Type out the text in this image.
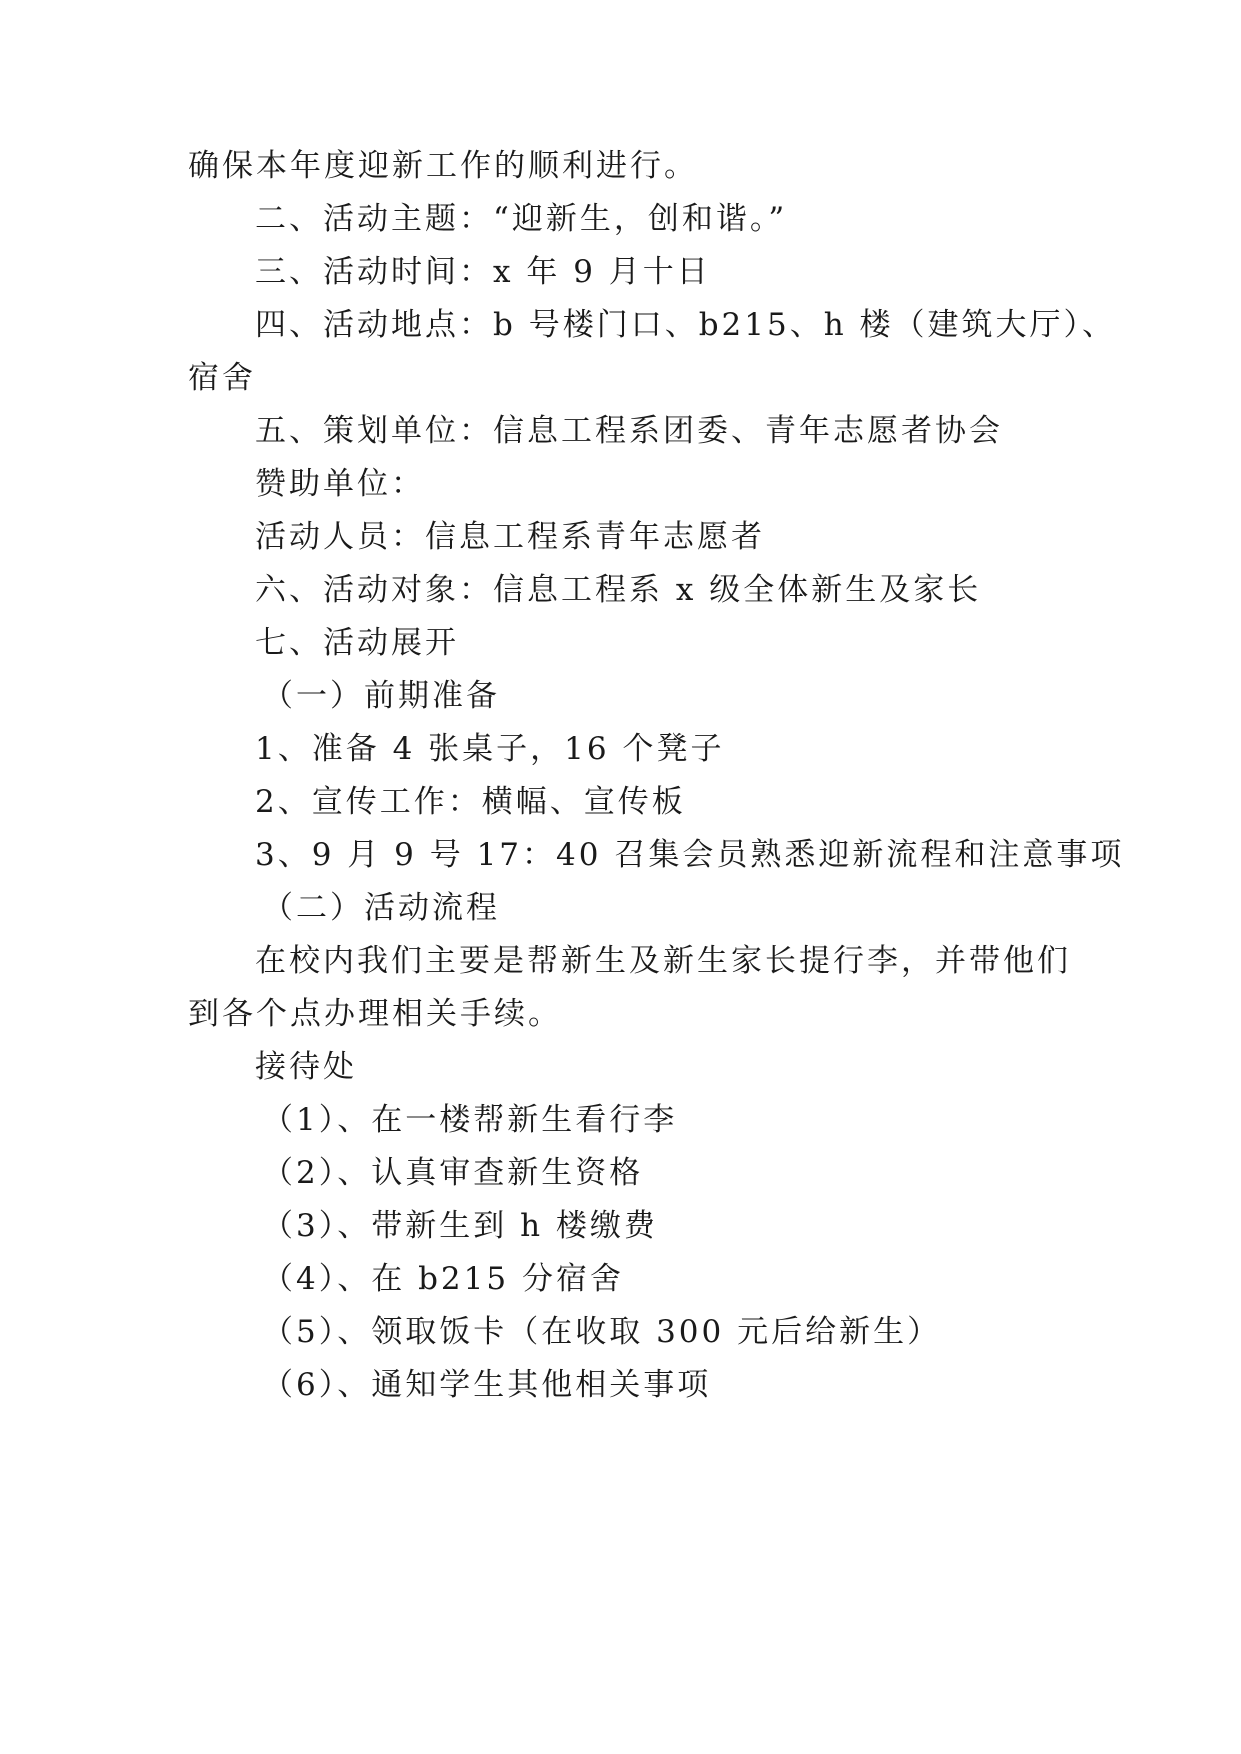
确保本年度迎新工作的顺利进行。
二、活动主题：“迎新生，创和谐。”
三、活动时间：x 年 9 月十日
四、活动地点：b 号楼门口、b215、h 楼（建筑大厅）、
宿舍
五、策划单位：信息工程系团委、青年志愿者协会
赞助单位：
活动人员：信息工程系青年志愿者
六、活动对象：信息工程系 x 级全体新生及家长
七、活动展开
（一）前期准备
1、准备 4 张桌子，16 个凳子
2、宣传工作：横幅、宣传板
3、9 月 9 号 17：40 召集会员熟悉迎新流程和注意事项
（二）活动流程
在校内我们主要是帮新生及新生家长提行李，并带他们
到各个点办理相关手续。
接待处
（1）、在一楼帮新生看行李
（2）、认真审查新生资格
（3）、带新生到 h 楼缴费
（4）、在 b215 分宿舍
（5）、领取饭卡（在收取 300 元后给新生）
（6）、通知学生其他相关事项
